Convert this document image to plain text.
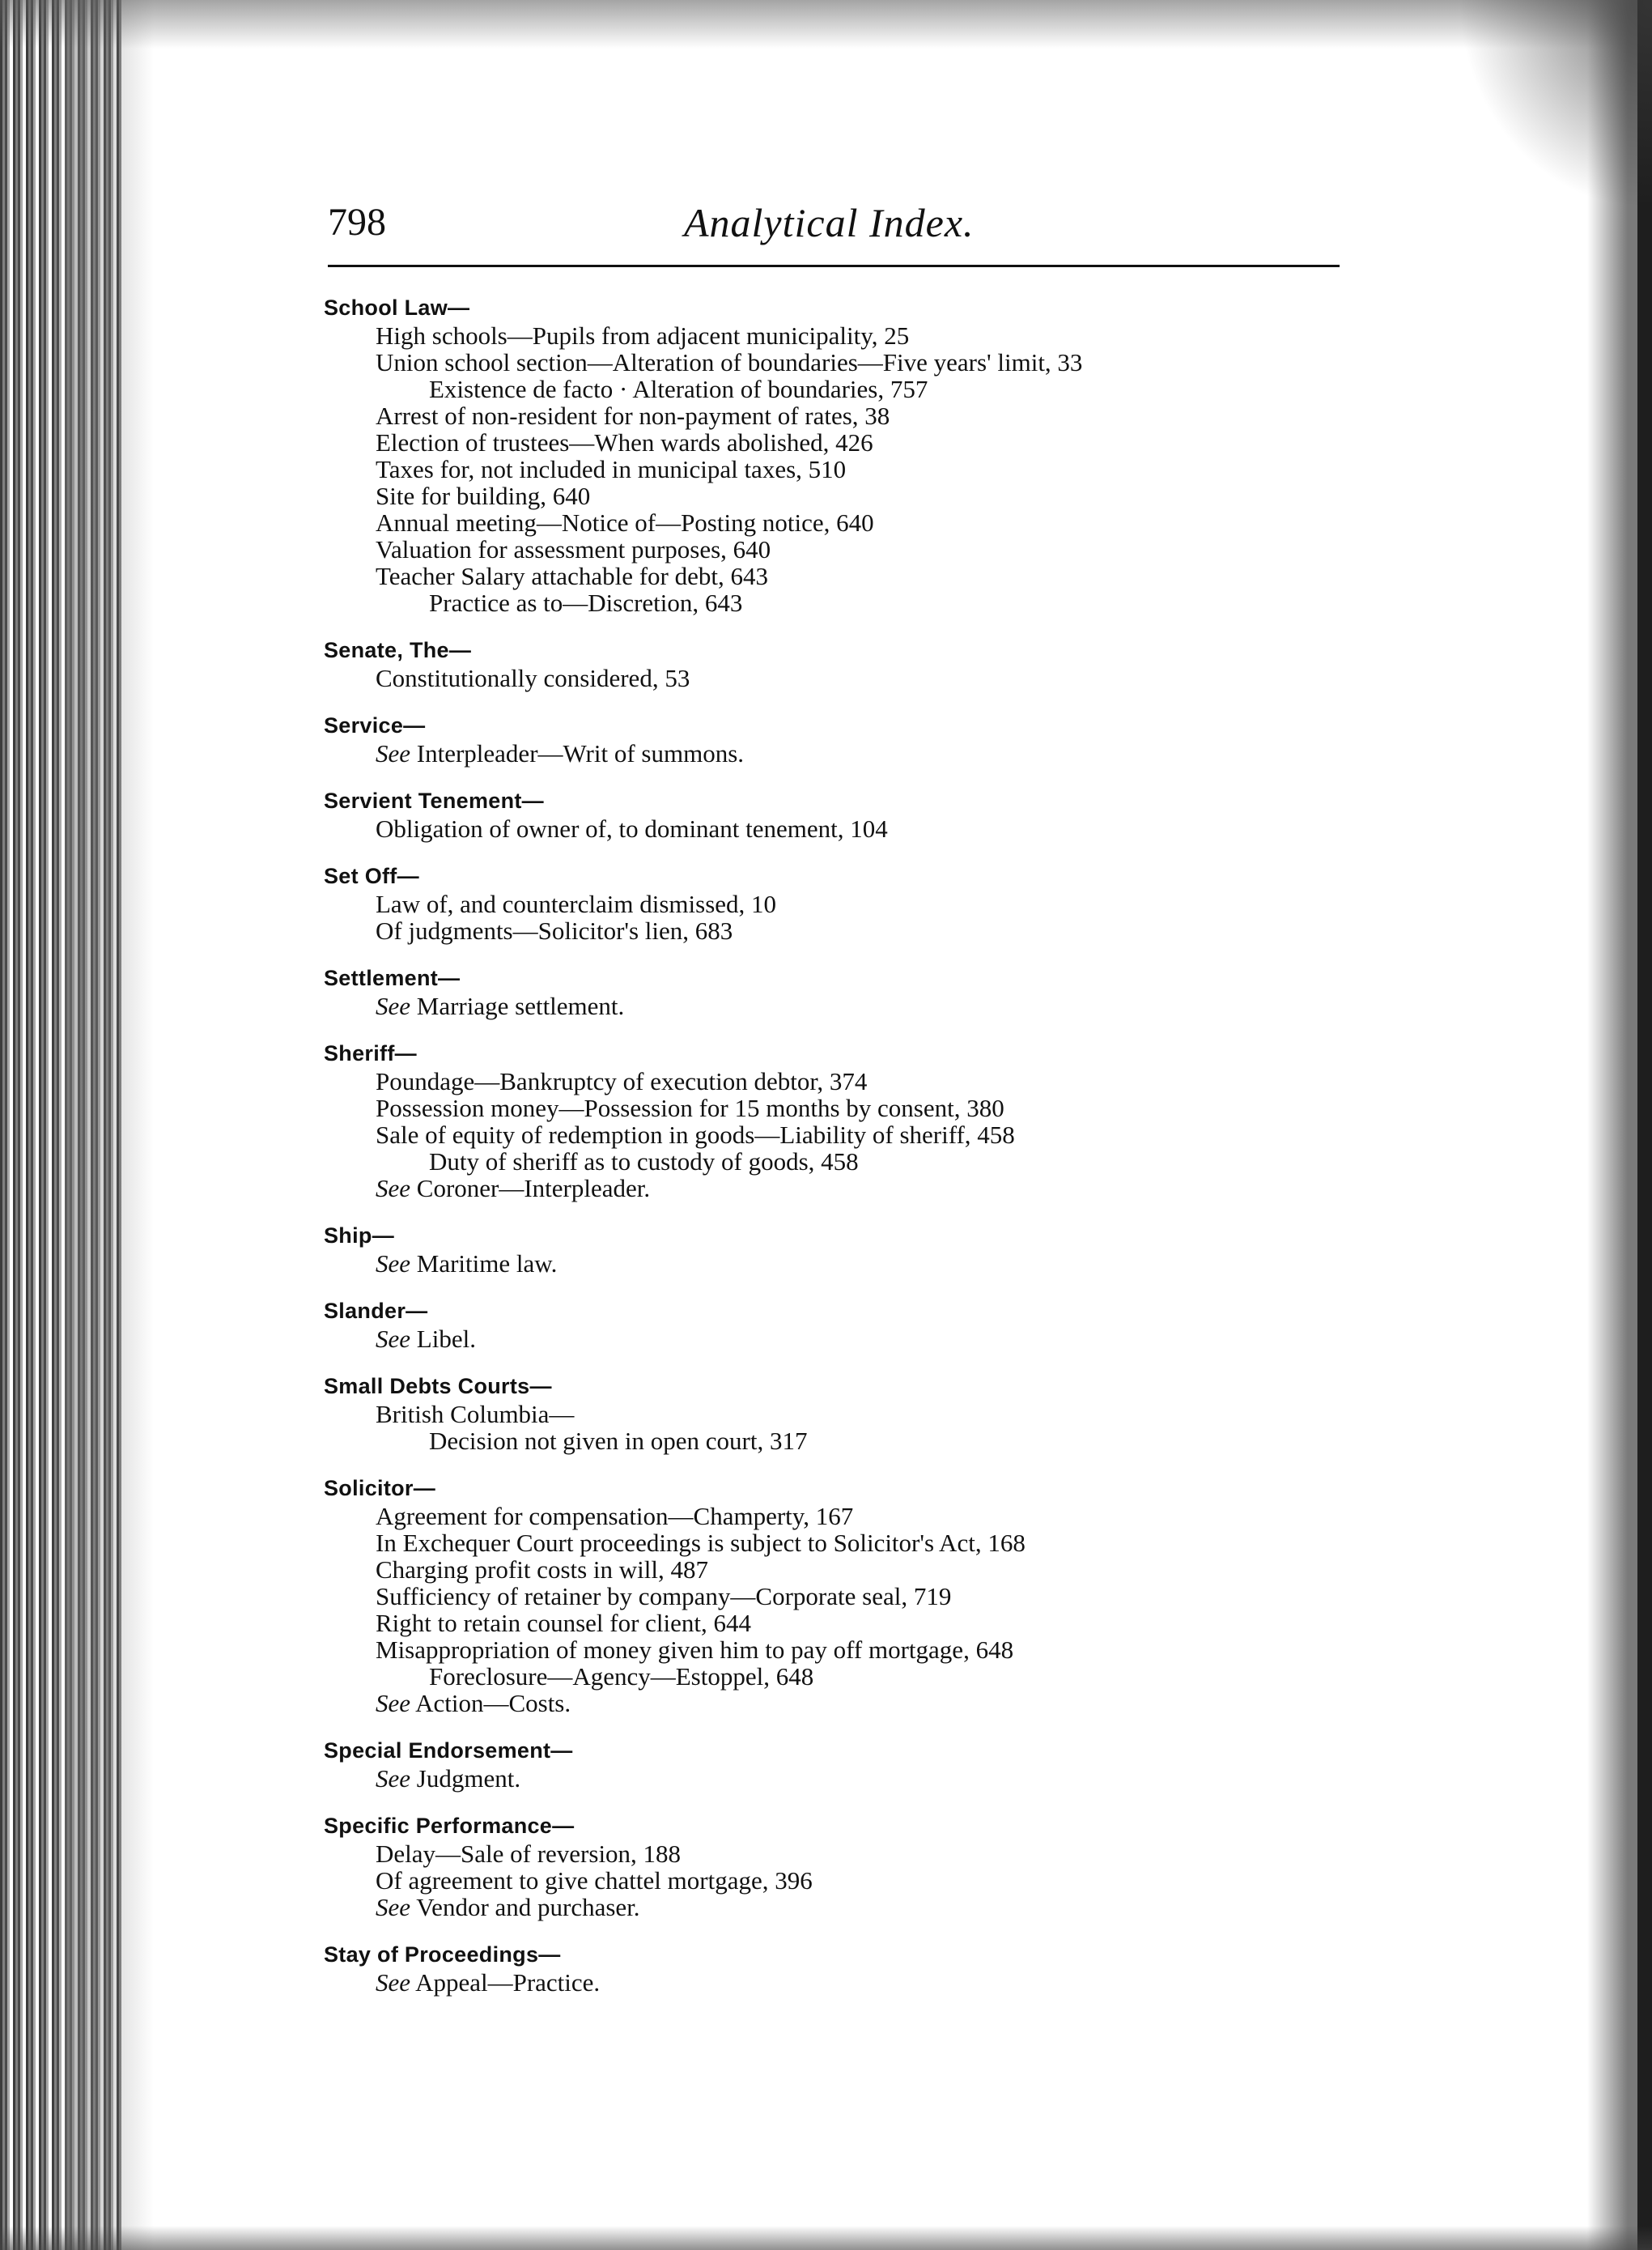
798	Analytical Index.
School Law—
High schools—Pupils from adjacent municipality, 25
Union school section—Alteration of boundaries—Five years' limit, 33
Existence de facto · Alteration of boundaries, 757
Arrest of non-resident for non-payment of rates, 38
Election of trustees—When wards abolished, 426
Taxes for, not included in municipal taxes, 510
Site for building, 640
Annual meeting—Notice of—Posting notice, 640
Valuation for assessment purposes, 640
Teacher Salary attachable for debt, 643
Practice as to—Discretion, 643
Senate, The—
Constitutionally considered, 53
Service—
See Interpleader—Writ of summons.
Servient Tenement—
Obligation of owner of, to dominant tenement, 104
Set Off—
Law of, and counterclaim dismissed, 10
Of judgments—Solicitor's lien, 683
Settlement—
See Marriage settlement.
Sheriff—
Poundage—Bankruptcy of execution debtor, 374
Possession money—Possession for 15 months by consent, 380
Sale of equity of redemption in goods—Liability of sheriff, 458
Duty of sheriff as to custody of goods, 458
See Coroner—Interpleader.
Ship—
See Maritime law.
Slander—
See Libel.
Small Debts Courts—
British Columbia—
Decision not given in open court, 317
Solicitor—
Agreement for compensation—Champerty, 167
In Exchequer Court proceedings is subject to Solicitor's Act, 168
Charging profit costs in will, 487
Sufficiency of retainer by company—Corporate seal, 719
Right to retain counsel for client, 644
Misappropriation of money given him to pay off mortgage, 648
Foreclosure—Agency—Estoppel, 648
See Action—Costs.
Special Endorsement—
See Judgment.
Specific Performance—
Delay—Sale of reversion, 188
Of agreement to give chattel mortgage, 396
See Vendor and purchaser.
Stay of Proceedings—
See Appeal—Practice.
